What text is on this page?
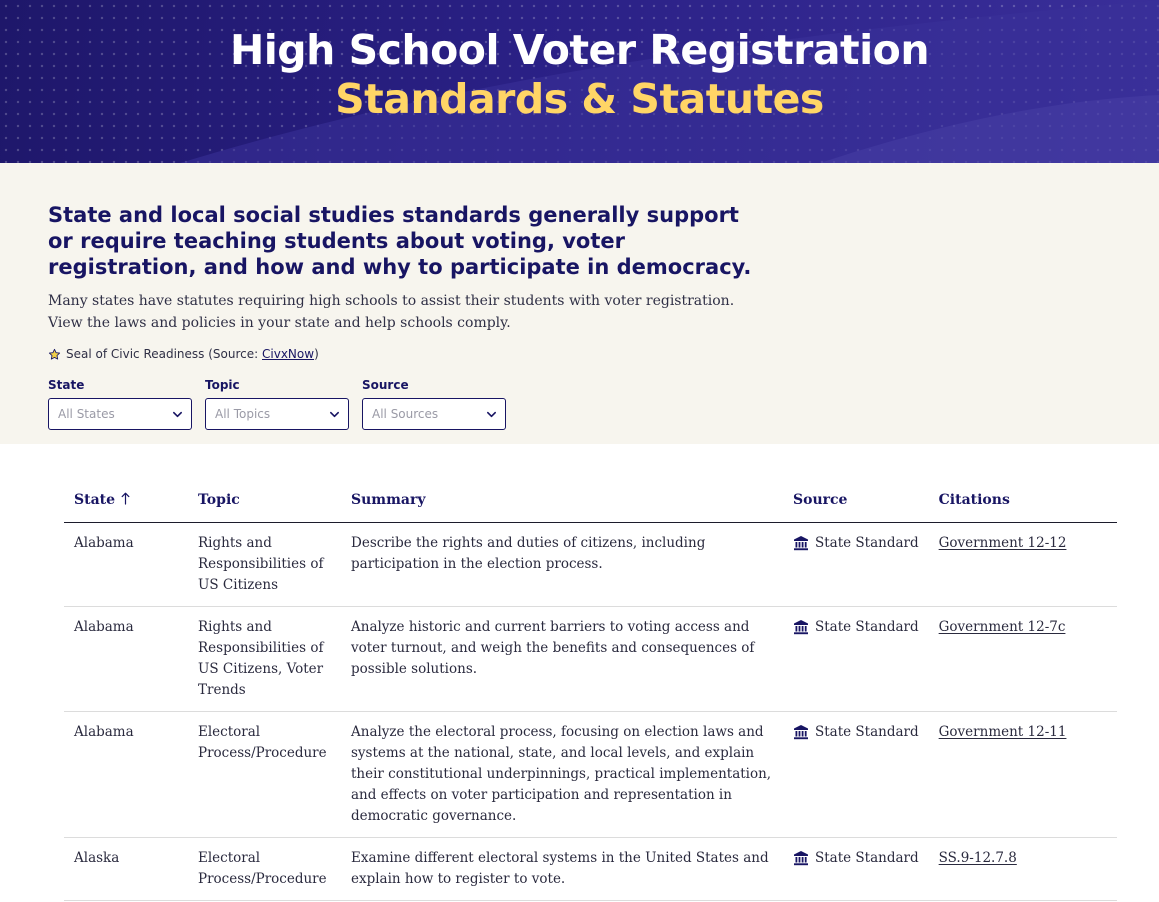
High School Voter Registration
Standards & Statutes
State and local social studies standards generally support or require teaching students about voting, voter registration, and how and why to participate in democracy.

Many states have statutes requiring high schools to assist their students with voter registration. View the laws and policies in your state and help schools comply.

Seal of Civic Readiness (Source: CivxNow)
State
All States
Topic
All Topics
Source
All Sources
State	Topic	Summary	Source	Citations
Alabama	Rights and Responsibilities of US Citizens	Describe the rights and duties of citizens, including participation in the election process.	State Standard	Government 12-12
Alabama	Rights and Responsibilities of US Citizens, Voter Trends	Analyze historic and current barriers to voting access and voter turnout, and weigh the benefits and consequences of possible solutions.	State Standard	Government 12-7c
Alabama	Electoral Process/Procedure	Analyze the electoral process, focusing on election laws and systems at the national, state, and local levels, and explain their constitutional underpinnings, practical implementation, and effects on voter participation and representation in democratic governance.	State Standard	Government 12-11
Alaska	Electoral Process/Procedure	Examine different electoral systems in the United States and explain how to register to vote.	State Standard	SS.9-12.7.8
